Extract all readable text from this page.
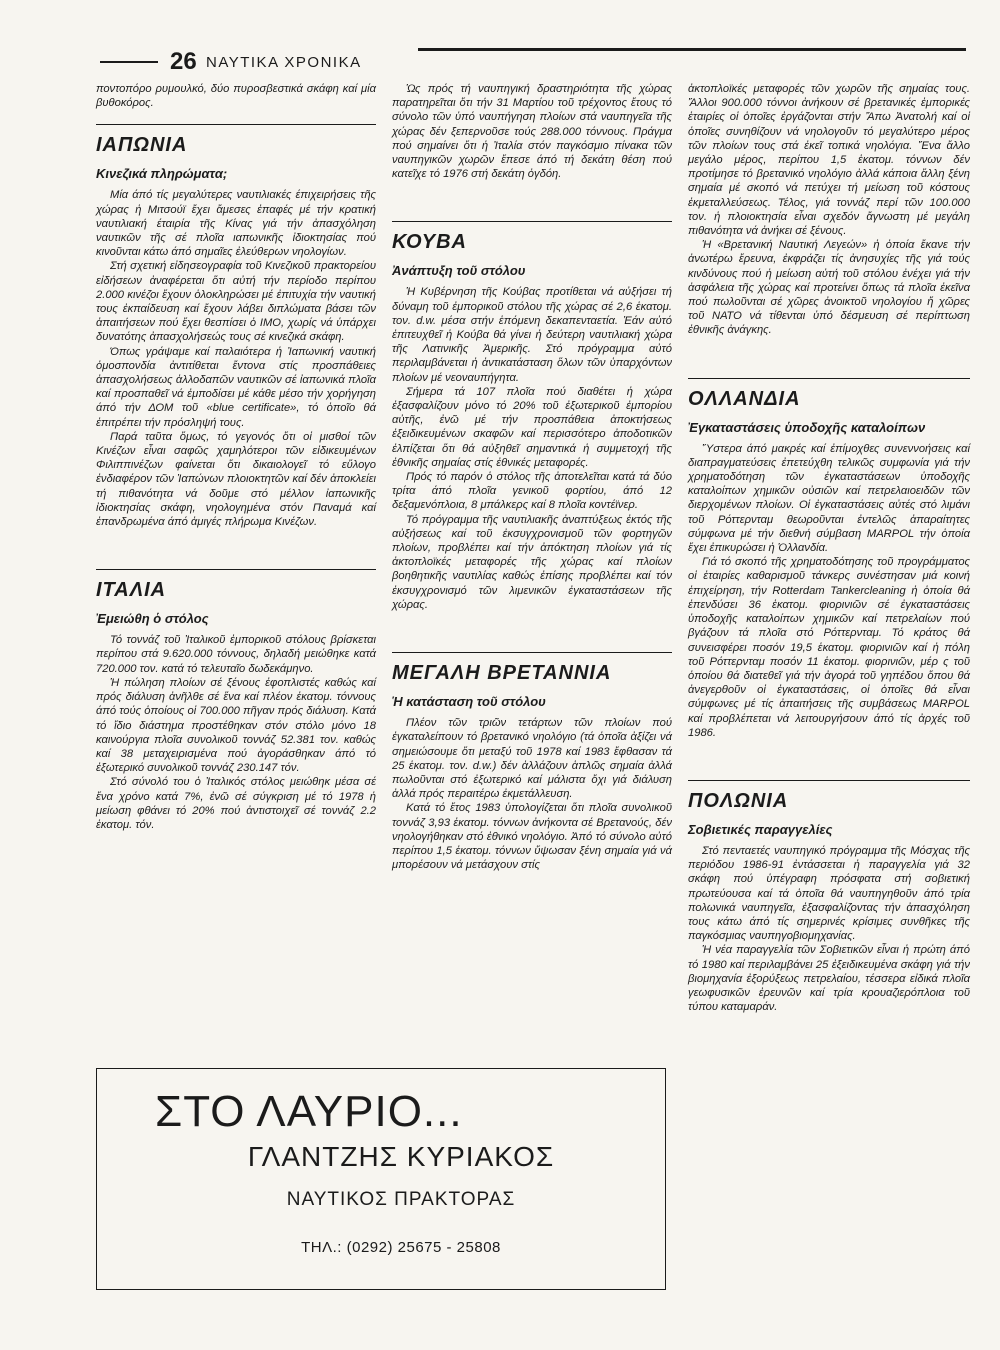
26 ΝΑΥΤΙΚΑ ΧΡΟΝΙΚΑ

ποντοπόρο ρυμουλκό, δύο πυροσβεστικά σκάφη καί μία βυθοκόρος.

ΙΑΠΩΝΙΑ
Κινεζικά πληρώματα;

Μία άπό τίς μεγαλύτερες ναυτιλιακές έπιχειρήσεις τῆς χώρας ἡ Μιτσούϊ ἔχει ἄμεσες ἐπαφές μέ τήν κρατική ναυτιλιακή έταιρία τῆς Κίνας γιά τήν ἀπασχόληση ναυτικῶν τῆς σέ πλοῖα ιαπωνικῆς ἰδιοκτησίας πού κινοῦνται κάτω άπό σημαῖες ἐλεύθερων νηολογίων.

Στή σχετική εἰδησεογραφία τοῦ Κινεζικοῦ πρακτορείου εἰδήσεων ἀναφέρεται ὅτι αὐτή τήν περίοδο περίπου 2.000 κινέζοι ἔχουν ὁλοκληρώσει μέ ἐπιτυχία τήν ναυτική τους ἐκπαίδευση καί ἔχουν λάβει διπλώματα βάσει τῶν ἀπαιτήσεων πού ἔχει θεσπίσει ὁ ΙΜΟ, χωρίς νά ὑπάρχει δυνατότης ἀπασχολήσεώς τους σέ κινεζικά σκάφη.

Όπως γράψαμε καί παλαιότερα ἡ Ἰαπωνική ναυτική ὁμοσπονδία ἀντιτίθεται ἔντονα στίς προσπάθειες ἀπασχολήσεως ἀλλοδαπῶν ναυτικῶν σέ ἰαπωνικά πλοῖα καί προσπαθεῖ νά ἐμποδίσει μέ κάθε μέσο τήν χορήγηση άπό τήν ΔΟΜ τοῦ «blue certificate», τό ὁποῖο θά ἐπιτρέπει τήν πρόσληψή τους.

Παρά ταῦτα ὅμως, τό γεγονός ὅτι οἱ μισθοί τῶν Κινέζων εἶναι σαφῶς χαμηλότεροι τῶν εἰδικευμένων Φιλιππινέζων φαίνεται ὅτι δικαιολογεῖ τό εὔλογο ἐνδιαφέρον τῶν Ἰαπώνων πλοιοκτητῶν καί δέν ἀποκλείει τή πιθανότητα νά δοῦμε στό μέλλον ἰαπωνικῆς ἰδιοκτησίας σκάφη, νηολογημένα στόν Παναμά καί ἐπανδρωμένα άπό ἀμιγές πλήρωμα Κινέζων.

ΙΤΑΛΙΑ
Ἐμειώθη ὁ στόλος

Τό τοννάζ τοῦ Ἰταλικοῦ ἐμπορικοῦ στόλους βρίσκεται περίπου στά 9.620.000 τόννους, δηλαδή μειώθηκε κατά 720.000 τον. κατά τό τελευταῖο δωδεκάμηνο.

Ἡ πώληση πλοίων σέ ξένους ἐφοπλιστές καθώς καί πρός διάλυση ἀνῆλθε σέ ἕνα καί πλέον ἑκατομ. τόννους άπό τούς ὁποίους οἱ 700.000 πῆγαν πρός διάλυση. Κατά τό ἴδιο διάστημα προστέθηκαν στόν στόλο μόνο 18 καινούργια πλοῖα συνολικοῦ τοννάζ 52.381 τον. καθώς καί 38 μεταχειρισμένα πού ἀγοράσθηκαν άπό τό ἐξωτερικό συνολικοῦ τοννάζ 230.147 τόν.

Στό σύνολό του ὁ Ἰταλικός στόλος μειώθηκ μέσα σέ ἕνα χρόνο κατά 7%, ἐνῶ σέ σύγκριση μέ τό 1978 ἡ μείωση φθάνει τό 20% πού ἀντιστοιχεῖ σέ τοννάζ 2.2 ἑκατομ. τόν.

Ὡς πρός τή ναυπηγική δραστηριότητα τῆς χώρας παρατηρεῖται ὅτι τήν 31 Μαρτίου τοῦ τρέχοντος ἔτους τό σύνολο τῶν ὑπό ναυπήγηση πλοίων στά ναυπηγεῖα τῆς χώρας δέν ξεπερνοῦσε τούς 288.000 τόννους. Πράγμα πού σημαίνει ὅτι ἡ Ἰταλία στόν παγκόσμιο πίνακα τῶν ναυπηγικῶν χωρῶν ἔπεσε άπό τή δεκάτη θέση πού κατεῖχε τό 1976 στή δεκάτη ὀγδόη.

ΚΟΥΒΑ
Ἀνάπτυξη τοῦ στόλου

Ἡ Κυβέρνηση τῆς Κούβας προτίθεται νά αὐξήσει τή δύναμη τοῦ ἐμπορικοῦ στόλου τῆς χώρας σέ 2,6 ἑκατομ. τον. d.w. μέσα στήν ἑπόμενη δεκαπενταετία. Ἐάν αὐτό ἐπιτευχθεῖ ἡ Κούβα θά γίνει ἡ δεύτερη ναυτιλιακή χώρα τῆς Λατινικῆς Ἀμερικῆς. Στό πρόγραμμα αὐτό περιλαμβάνεται ἡ ἀντικατάσταση ὅλων τῶν ὑπαρχόντων πλοίων μέ νεοναυπήγητα.

Σήμερα τά 107 πλοῖα πού διαθέτει ἡ χώρα ἐξασφαλίζουν μόνο τό 20% τοῦ ἐξωτερικοῦ ἐμπορίου αὐτῆς, ἐνῶ μέ τήν προσπάθεια ἀποκτήσεως ἐξειδικευμένων σκαφῶν καί περισσότερο ἀποδοτικῶν ἐλπίζεται ὅτι θά αὐξηθεῖ σημαντικά ἡ συμμετοχή τῆς ἐθνικῆς σημαίας στίς ἐθνικές μεταφορές.

Πρός τό παρόν ὁ στόλος τῆς ἀποτελεῖται κατά τά δύο τρίτα άπό πλοῖα γενικοῦ φορτίου, άπό 12 δεξαμενόπλοια, 8 μπάλκερς καί 8 πλοῖα κοντέϊνερ.

Τό πρόγραμμα τῆς ναυτιλιακῆς ἀναπτύξεως ἐκτός τῆς αὐξήσεως καί τοῦ ἐκσυγχρονισμοῦ τῶν φορτηγῶν πλοίων, προβλέπει καί τήν ἀπόκτηση πλοίων γιά τίς ἀκτοπλοϊκές μεταφορές τῆς χώρας καί πλοίων βοηθητικῆς ναυτιλίας καθώς ἐπίσης προβλέπει καί τόν ἐκσυγχρονισμό τῶν λιμενικῶν ἐγκαταστάσεων τῆς χώρας.

ΜΕΓΑΛΗ ΒΡΕΤΑΝΝΙΑ
Ἡ κατάσταση τοῦ στόλου

Πλέον τῶν τριῶν τετάρτων τῶν πλοίων πού ἐγκαταλείπουν τό βρετανικό νηολόγιο (τά ὁποῖα ἀξίζει νά σημειώσουμε ὅτι μεταξύ τοῦ 1978 καί 1983 ἔφθασαν τά 25 ἑκατομ. τον. d.w.) δέν ἀλλάζουν ἁπλῶς σημαία ἀλλά πωλοῦνται στό ἐξωτερικό καί μάλιστα ὄχι γιά διάλυση ἀλλά πρός περαιτέρω ἐκμετάλλευση.

Κατά τό ἔτος 1983 ὑπολογίζεται ὅτι πλοῖα συνολικοῦ τοννάζ 3,93 ἑκατομ. τόννων ἀνήκοντα σέ Βρετανούς, δέν νηολογήθηκαν στό ἐθνικό νηολόγιο. Ἀπό τό σύνολο αὐτό περίπου 1,5 ἑκατομ. τόννων ὕψωσαν ξένη σημαία γιά νά μπορέσουν νά μετάσχουν στίς

ἀκτοπλοϊκές μεταφορές τῶν χωρῶν τῆς σημαίας τους. Ἄλλοι 900.000 τόννοι ἀνήκουν σέ βρετανικές ἐμπορικές ἑταιρίες οἱ ὁποῖες ἐργάζονται στήν Ἄπω Ἀνατολή καί οἱ ὁποῖες συνηθίζουν νά νηολογοῦν τό μεγαλύτερο μέρος τῶν πλοίων τους στά ἐκεῖ τοπικά νηολόγια. Ἕνα ἄλλο μεγάλο μέρος, περίπου 1,5 ἑκατομ. τόννων δέν προτίμησε τό βρετανικό νηολόγιο ἀλλά κάποια ἄλλη ξένη σημαία μέ σκοπό νά πετύχει τή μείωση τοῦ κόστους ἐκμεταλλεύσεως. Τέλος, γιά τοννάζ περί τῶν 100.000 τον. ἡ πλοιοκτησία εἶναι σχεδόν ἄγνωστη μέ μεγάλη πιθανότητα νά ἀνήκει σέ ξένους.

Ἡ «Βρετανική Ναυτική Λεγεών» ἡ ὁποία ἔκανε τήν ἀνωτέρω ἔρευνα, ἐκφράζει τίς ἀνησυχίες τῆς γιά τούς κινδύνους πού ἡ μείωση αὐτή τοῦ στόλου ἐνέχει γιά τήν ἀσφάλεια τῆς χώρας καί προτείνει ὅπως τά πλοῖα ἐκεῖνα πού πωλοῦνται σέ χῶρες ἀνοικτοῦ νηολογίου ἤ χῶρες τοῦ ΝΑΤΟ νά τίθενται ὑπό δέσμευση σέ περίπτωση ἐθνικῆς ἀνάγκης.

ΟΛΛΑΝΔΙΑ
Ἐγκαταστάσεις ὑποδοχῆς καταλοίπων

Ὕστερα άπό μακρές καί ἐπίμοχθες συνεννοήσεις καί διαπραγματεύσεις ἐπετεύχθη τελικῶς συμφωνία γιά τήν χρηματοδότηση τῶν ἐγκαταστάσεων ὑποδοχῆς καταλοίπων χημικῶν οὐσιῶν καί πετρελαιοειδῶν τῶν διερχομένων πλοίων. Οἱ ἐγκαταστάσεις αὐτές στό λιμάνι τοῦ Ρόττερνταμ θεωροῦνται ἐντελῶς ἀπαραίτητες σύμφωνα μέ τήν διεθνή σύμβαση MARPOL τήν ὁποία ἔχει ἐπικυρώσει ἡ Ὁλλανδία.

Γιά τό σκοπό τῆς χρηματοδότησης τοῦ προγράμματος οἱ ἑταιρίες καθαρισμοῦ τάνκερς συνέστησαν μιά κοινή ἐπιχείρηση, τήν Rotterdam Tankercleaning ἡ ὁποία θά ἐπενδύσει 36 ἑκατομ. φιορινιῶν σέ ἐγκαταστάσεις ὑποδοχῆς καταλοίπων χημικῶν καί πετρελαίων πού βγάζουν τά πλοῖα στό Ρόττερνταμ. Τό κράτος θά συνεισφέρει ποσόν 19,5 ἑκατομ. φιορινιῶν καί ἡ πόλη τοῦ Ρόττερνταμ ποσόν 11 ἑκατομ. φιορινιῶν, μέρ ς τοῦ ὁποίου θά διατεθεῖ γιά τήν ἀγορά τοῦ γηπέδου ὅπου θά ἀνεγερθοῦν οἱ ἐγκαταστάσεις, οἱ ὁποῖες θά εἶναι σύμφωνες μέ τίς ἀπαιτήσεις τῆς συμβάσεως MARPOL καί προβλέπεται νά λειτουργήσουν άπό τίς ἀρχές τοῦ 1986.

ΠΟΛΩΝΙΑ
Σοβιετικές παραγγελίες

Στό πενταετές ναυπηγικό πρόγραμμα τῆς Μόσχας τῆς περιόδου 1986-91 ἐντάσσεται ἡ παραγγελία γιά 32 σκάφη πού ὑπέγραφη πρόσφατα στή σοβιετική πρωτεύουσα καί τά ὁποῖα θά ναυπηγηθοῦν άπό τρία πολωνικά ναυπηγεῖα, ἐξασφαλίζοντας τήν ἀπασχόληση τους κάτω άπό τίς σημερινές κρίσιμες συνθῆκες τῆς παγκόσμιας ναυπηγοβιομηχανίας.

Ἡ νέα παραγγελία τῶν Σοβιετικῶν εἶναι ἡ πρώτη άπό τό 1980 καί περιλαμβάνει 25 ἐξειδικευμένα σκάφη γιά τήν βιομηχανία ἐξορύξεως πετρελαίου, τέσσερα εἰδικά πλοῖα γεωφυσικῶν ἐρευνῶν καί τρία κρουαζιερόπλοια τοῦ τύπου καταμαράν.

ΣΤΟ ΛΑΥΡΙΟ...
ΓΛΑΝΤΖΗΣ ΚΥΡΙΑΚΟΣ
ΝΑΥΤΙΚΟΣ ΠΡΑΚΤΟΡΑΣ
ΤΗΛ.: (0292) 25675 - 25808
